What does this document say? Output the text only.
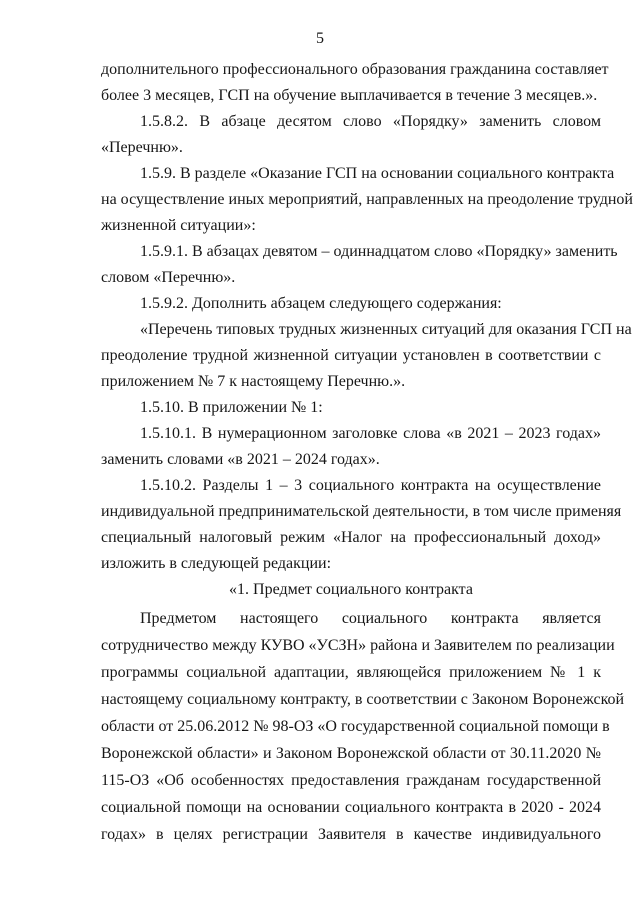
5
дополнительного профессионального образования гражданина составляет
более 3 месяцев, ГСП на обучение выплачивается в течение 3 месяцев.».
1.5.8.2. В абзаце десятом слово «Порядку» заменить словом
«Перечню».
1.5.9. В разделе «Оказание ГСП на основании социального контракта
на осуществление иных мероприятий, направленных на преодоление трудной
жизненной ситуации»:
1.5.9.1. В абзацах девятом – одиннадцатом слово «Порядку» заменить
словом «Перечню».
1.5.9.2. Дополнить абзацем следующего содержания:
«Перечень типовых трудных жизненных ситуаций для оказания ГСП на
преодоление трудной жизненной ситуации установлен в соответствии с
приложением № 7 к настоящему Перечню.».
1.5.10. В приложении № 1:
1.5.10.1. В нумерационном заголовке слова «в 2021 – 2023 годах»
заменить словами «в 2021 – 2024 годах».
1.5.10.2. Разделы 1 – 3 социального контракта на осуществление
индивидуальной предпринимательской деятельности, в том числе применяя
специальный налоговый режим «Налог на профессиональный доход»
изложить в следующей редакции:
«1. Предмет социального контракта
Предметом настоящего социального контракта является
сотрудничество между КУВО «УСЗН» района и Заявителем по реализации
программы социальной адаптации, являющейся приложением № 1 к
настоящему социальному контракту, в соответствии с Законом Воронежской
области от 25.06.2012 № 98-ОЗ «О государственной социальной помощи в
Воронежской области» и Законом Воронежской области от 30.11.2020 №
115-ОЗ «Об особенностях предоставления гражданам государственной
социальной помощи на основании социального контракта в 2020 - 2024
годах» в целях регистрации Заявителя в качестве индивидуального
